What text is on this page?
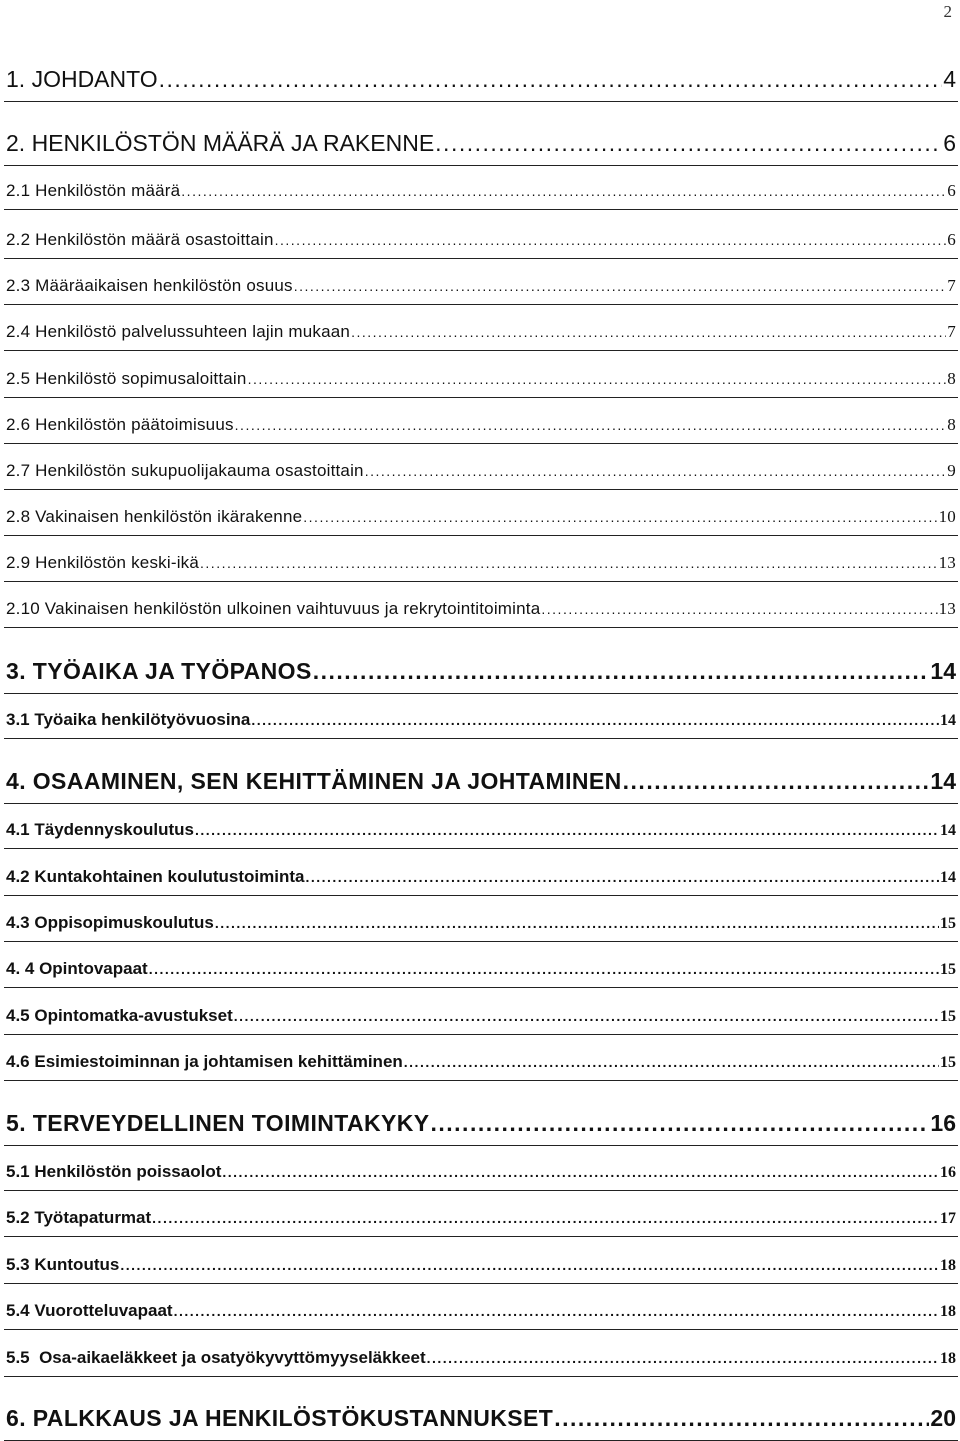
2
1. JOHDANTO .....	4
2. HENKILÖSTÖN MÄÄRÄ JA RAKENNE .....	6
2.1 Henkilöstön määrä .....	6
2.2 Henkilöstön määrä osastoittain .....	6
2.3 Määräaikaisen henkilöstön osuus .....	7
2.4 Henkilöstö palvelussuhteen lajin mukaan .....	7
2.5 Henkilöstö sopimusaloittain .....	8
2.6 Henkilöstön päätoimisuus .....	8
2.7 Henkilöstön sukupuolijakauma osastoittain .....	9
2.8 Vakinaisen henkilöstön ikärakenne .....	10
2.9 Henkilöstön keski-ikä .....	13
2.10 Vakinaisen henkilöstön ulkoinen vaihtuvuus ja rekrytointitoiminta .....	13
3. TYÖAIKA JA TYÖPANOS .....	14
3.1 Työaika henkilötyövuosina .....	14
4. OSAAMINEN, SEN KEHITTÄMINEN JA JOHTAMINEN .....	14
4.1 Täydennyskoulutus .....	14
4.2 Kuntakohtainen koulutustoiminta .....	14
4.3 Oppisopimuskoulutus .....	15
4. 4 Opintovapaat .....	15
4.5 Opintomatka-avustukset .....	15
4.6 Esimiestoiminnan ja johtamisen kehittäminen .....	15
5. TERVEYDELLINEN TOIMINTAKYKY .....	16
5.1 Henkilöstön poissaolot .....	16
5.2 Työtapaturmat .....	17
5.3 Kuntoutus .....	18
5.4 Vuorotteluvapaat .....	18
5.5  Osa-aikaeläkkeet ja osatyökyvyttömyyseläkkeet .....	18
6. PALKKAUS JA HENKILÖSTÖKUSTANNUKSET .....	20
